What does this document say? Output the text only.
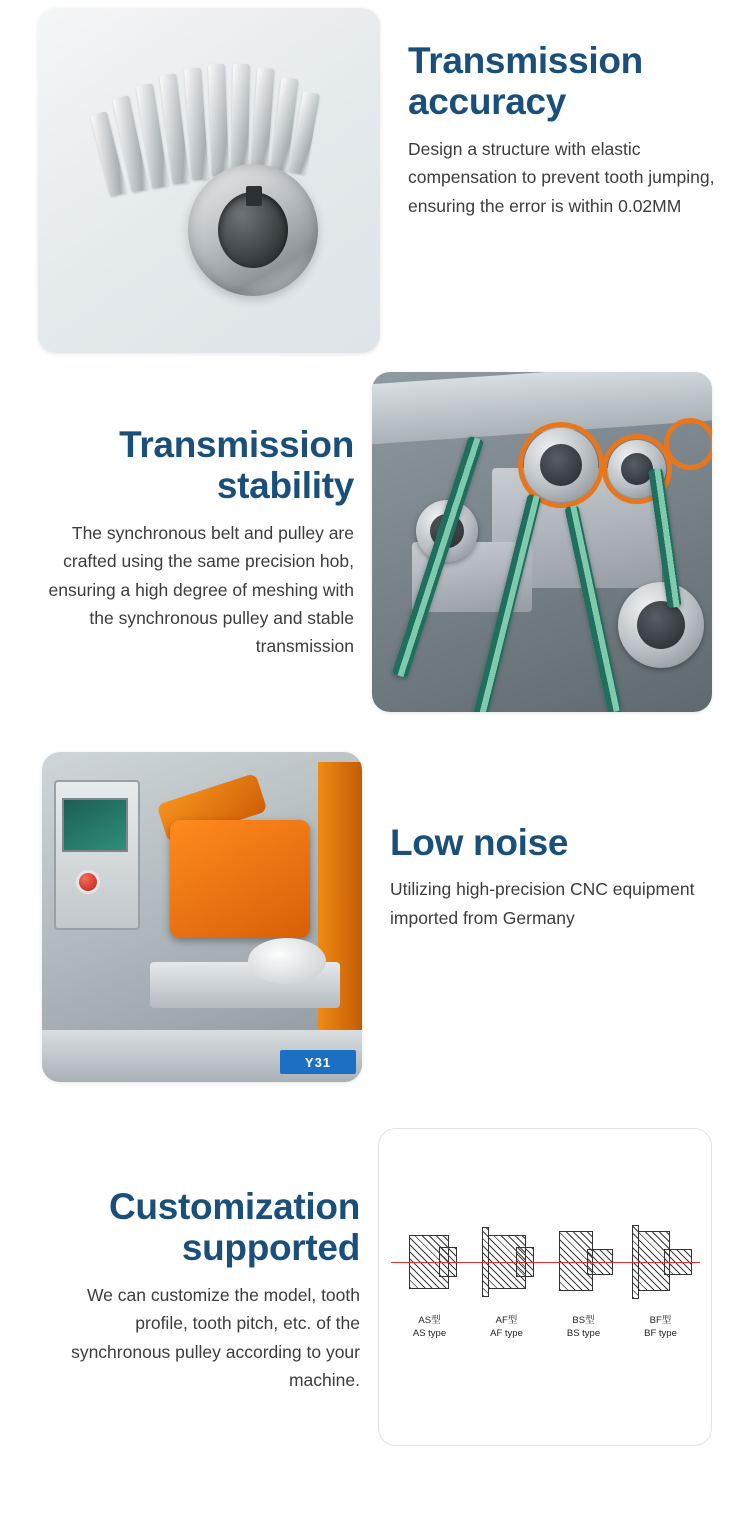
Transmission accuracy

Design a structure with elastic compensation to prevent tooth jumping, ensuring the error is within 0.02MM

Transmission stability

The synchronous belt and pulley are crafted using the same precision hob, ensuring a high degree of meshing with the synchronous pulley and stable transmission

Y31
Low noise

Utilizing high-precision CNC equipment imported from Germany

Customization supported

We can customize the model, tooth profile, tooth pitch, etc. of the synchronous pulley according to your machine.

AS型
AS type
AF型
AF type
BS型
BS type
BF型
BF type
